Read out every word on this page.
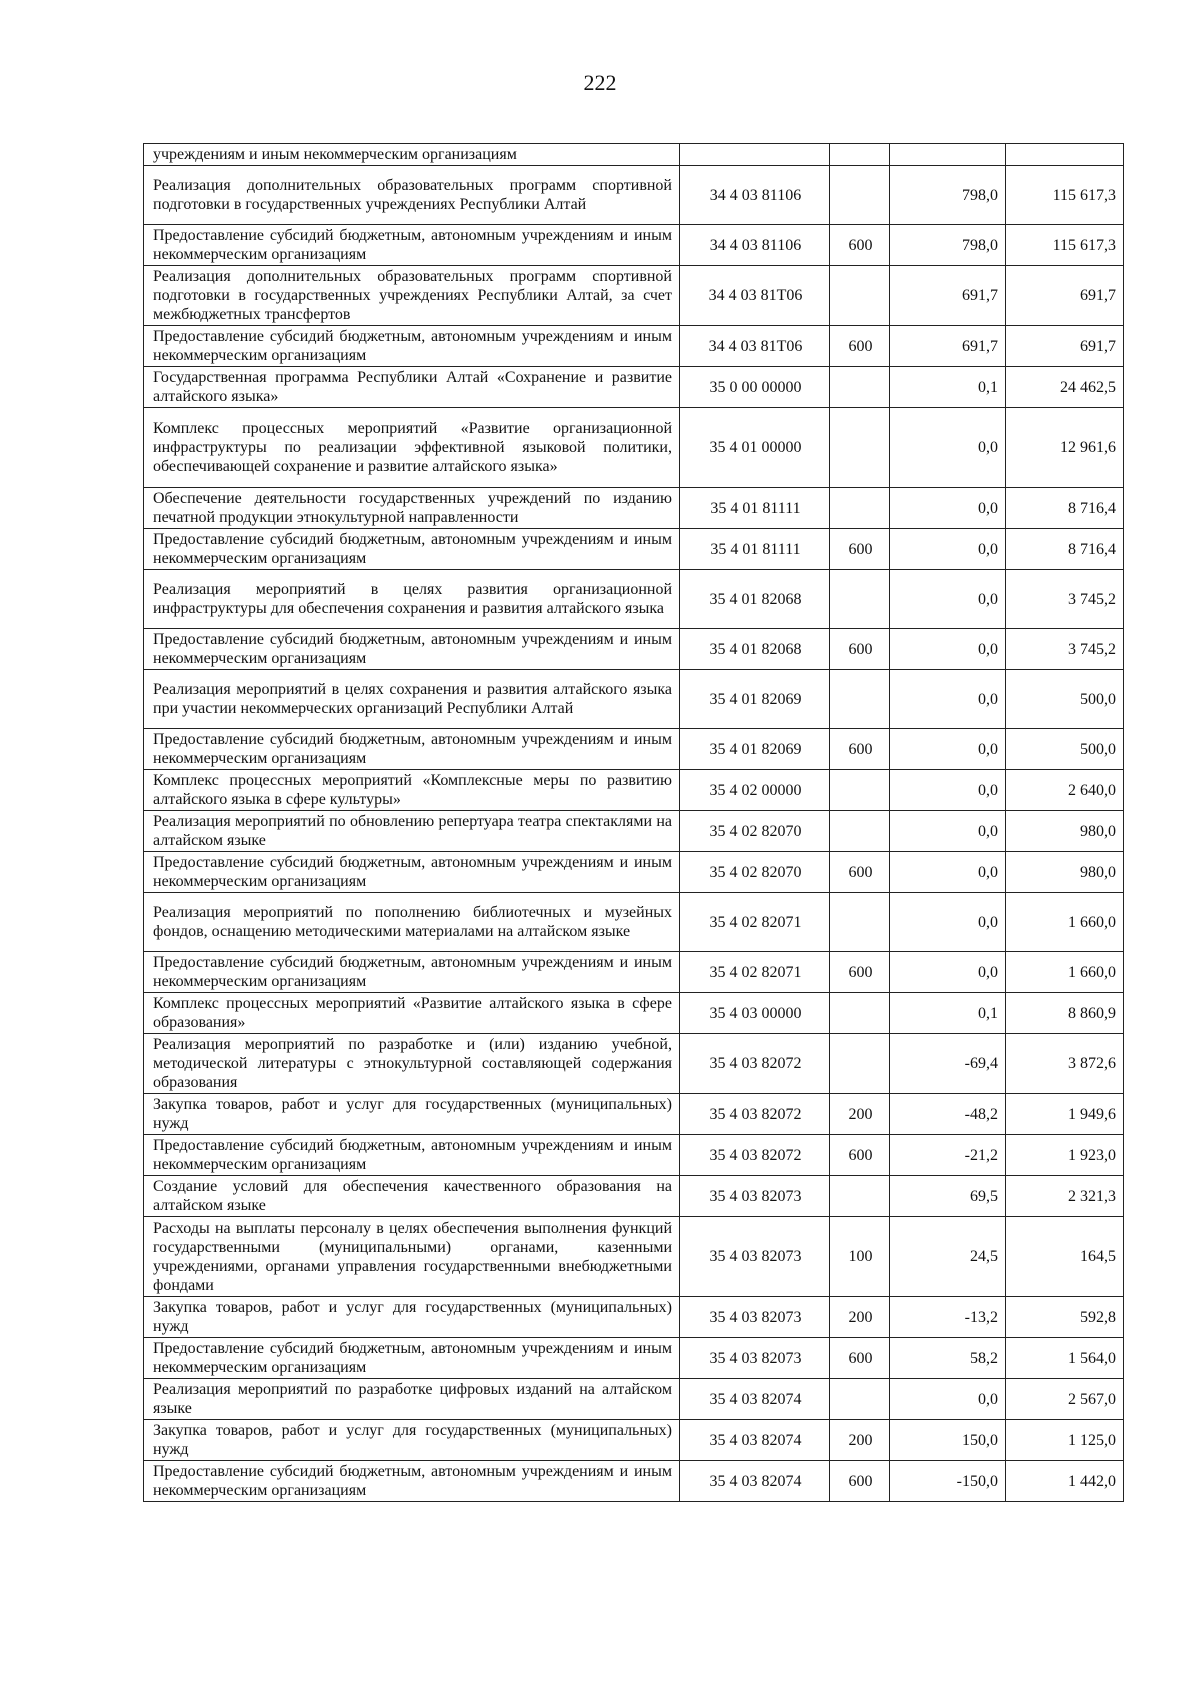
222
учреждениям и иным некоммерческим организациям				
Реализация дополнительных образовательных программ спортивной подготовки в государственных учреждениях Республики Алтай	34 4 03 81106		798,0	115 617,3
Предоставление субсидий бюджетным, автономным учреждениям и иным некоммерческим организациям	34 4 03 81106	600	798,0	115 617,3
Реализация дополнительных образовательных программ спортивной подготовки в государственных учреждениях Республики Алтай, за счет межбюджетных трансфертов	34 4 03 81Т06		691,7	691,7
Предоставление субсидий бюджетным, автономным учреждениям и иным некоммерческим организациям	34 4 03 81Т06	600	691,7	691,7
Государственная программа Республики Алтай «Сохранение и развитие алтайского языка»	35 0 00 00000		0,1	24 462,5
Комплекс процессных мероприятий «Развитие организационной инфраструктуры по реализации эффективной языковой политики, обеспечивающей сохранение и развитие алтайского языка»	35 4 01 00000		0,0	12 961,6
Обеспечение деятельности государственных учреждений по изданию печатной продукции этнокультурной направленности	35 4 01 81111		0,0	8 716,4
Предоставление субсидий бюджетным, автономным учреждениям и иным некоммерческим организациям	35 4 01 81111	600	0,0	8 716,4
Реализация мероприятий в целях развития организационной инфраструктуры для обеспечения сохранения и развития алтайского языка	35 4 01 82068		0,0	3 745,2
Предоставление субсидий бюджетным, автономным учреждениям и иным некоммерческим организациям	35 4 01 82068	600	0,0	3 745,2
Реализация мероприятий в целях сохранения и развития алтайского языка при участии некоммерческих организаций Республики Алтай	35 4 01 82069		0,0	500,0
Предоставление субсидий бюджетным, автономным учреждениям и иным некоммерческим организациям	35 4 01 82069	600	0,0	500,0
Комплекс процессных мероприятий «Комплексные меры по развитию алтайского языка в сфере культуры»	35 4 02 00000		0,0	2 640,0
Реализация мероприятий по обновлению репертуара театра спектаклями на алтайском языке	35 4 02 82070		0,0	980,0
Предоставление субсидий бюджетным, автономным учреждениям и иным некоммерческим организациям	35 4 02 82070	600	0,0	980,0
Реализация мероприятий по пополнению библиотечных и музейных фондов, оснащению методическими материалами на алтайском языке	35 4 02 82071		0,0	1 660,0
Предоставление субсидий бюджетным, автономным учреждениям и иным некоммерческим организациям	35 4 02 82071	600	0,0	1 660,0
Комплекс процессных мероприятий «Развитие алтайского языка в сфере образования»	35 4 03 00000		0,1	8 860,9
Реализация мероприятий по разработке и (или) изданию учебной, методической литературы с этнокультурной составляющей содержания образования	35 4 03 82072		-69,4	3 872,6
Закупка товаров, работ и услуг для государственных (муниципальных) нужд	35 4 03 82072	200	-48,2	1 949,6
Предоставление субсидий бюджетным, автономным учреждениям и иным некоммерческим организациям	35 4 03 82072	600	-21,2	1 923,0
Создание условий для обеспечения качественного образования на алтайском языке	35 4 03 82073		69,5	2 321,3
Расходы на выплаты персоналу в целях обеспечения выполнения функций государственными (муниципальными) органами, казенными учреждениями, органами управления государственными внебюджетными фондами	35 4 03 82073	100	24,5	164,5
Закупка товаров, работ и услуг для государственных (муниципальных) нужд	35 4 03 82073	200	-13,2	592,8
Предоставление субсидий бюджетным, автономным учреждениям и иным некоммерческим организациям	35 4 03 82073	600	58,2	1 564,0
Реализация мероприятий по разработке цифровых изданий на алтайском языке	35 4 03 82074		0,0	2 567,0
Закупка товаров, работ и услуг для государственных (муниципальных) нужд	35 4 03 82074	200	150,0	1 125,0
Предоставление субсидий бюджетным, автономным учреждениям и иным некоммерческим организациям	35 4 03 82074	600	-150,0	1 442,0
